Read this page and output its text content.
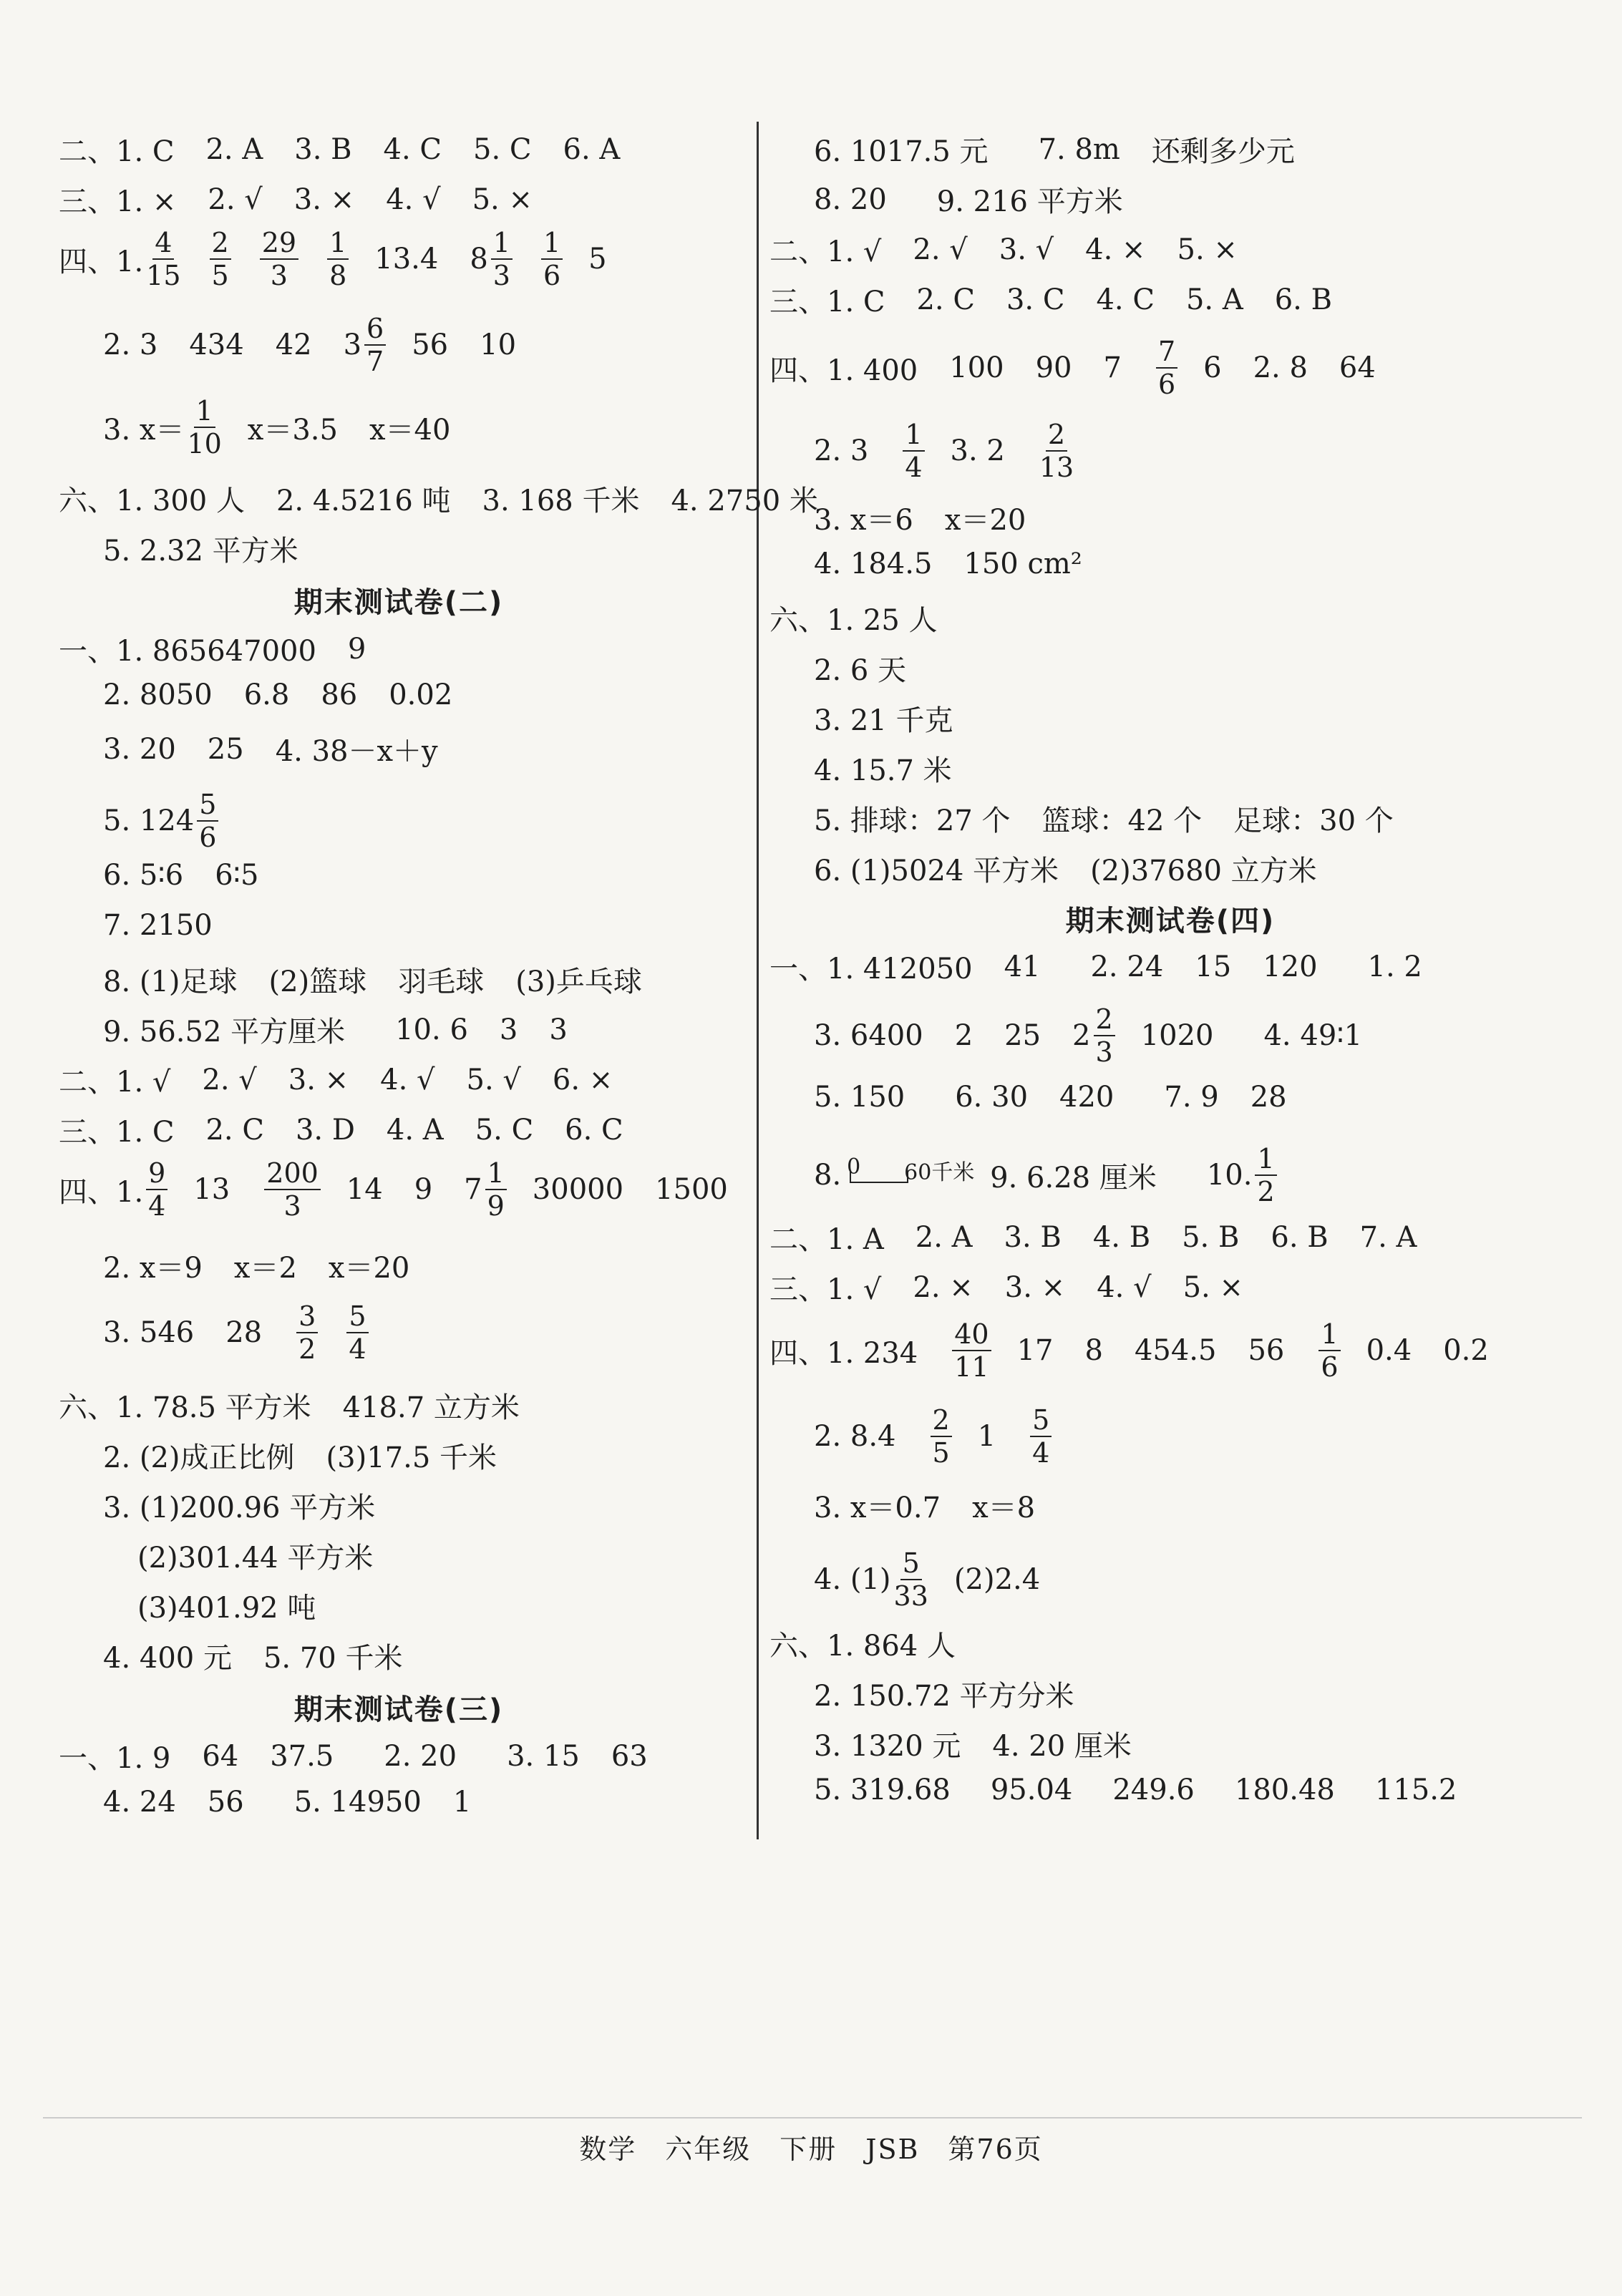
二、1. C 2. A 3. B 4. C 5. C 6. A
三、1. × 2. √ 3. × 4. √ 5. ×
四、1. $\frac{4}{15} \frac{2}{5} \frac{29}{3} \frac{1}{8} 13.4$ $8 \frac{1}{3} \frac{1}{6} 5$
2. 3 434 42 $3 \frac{6}{7} 56$ 10
3. $x= \frac{1}{10} x=3.5$ x＝40
六、1. 300 人 2. 4.5216 吨 3. 168 千米 4. 2750 米
5. 2.32 平方米
期末测试卷(二)
一、1. 865647000 9
2. 8050 6.8 86 0.02
3. 20 25 4. 38－x＋y
5. $124 \frac{5}{6}$
6. 5∶6 6∶5
7. 2150
8. (1)足球 (2)篮球 羽毛球 (3)乒乓球
9. 56.52 平方厘米 10. 6 3 3
二、1. √ 2. √ 3. × 4. √ 5. √ 6. ×
三、1. C 2. C 3. D 4. A 5. C 6. C
四、1. $\frac{9}{4} 13 \frac{200}{3} 14$ 9 $7 \frac{1}{9} 30000$ 1500
2. x＝9 x＝2 x＝20
3. 546 $28 \frac{3}{2} \frac{5}{4}$
六、1. 78.5 平方米 418.7 立方米
2. (2)成正比例 (3)17.5 千米
3. (1)200.96 平方米
(2)301.44 平方米
(3)401.92 吨
4. 400 元 5. 70 千米
期末测试卷(三)
一、1. 9 64 37.5 2. 20 3. 15 63
4. 24 56 5. 14950 1
6. 1017.5 元 7. 8m 还剩多少元
8. 20 9. 216 平方米
二、1. √ 2. √ 3. √ 4. × 5. ×
三、1. C 2. C 3. C 4. C 5. A 6. B
四、1. 400 100 90 $7 \frac{7}{6} 6$ 2. 8 64
2. $3 \frac{1}{4} 3$. $2 \frac{2}{13}$
3. x＝6 x＝20
4. 184.5 150 cm²
六、1. 25 人
2. 6 天
3. 21 千克
4. 15.7 米
5. 排球：27 个 篮球：42 个 足球：30 个
6. (1)5024 平方米 (2)37680 立方米
期末测试卷(四)
一、1. 412050 41 2. 24 15 120 1. 2
3. 6400 2 25 $2 \frac{2}{3} 1020$ 4. 49∶1
5. 150 6. 30 420 7. 9 28
8. 0 60千米 9. 6.28 厘米 10. $\frac{1}{2}$
二、1. A 2. A 3. B 4. B 5. B 6. B 7. A
三、1. √ 2. × 3. × 4. √ 5. ×
四、1. $234 \frac{40}{11} 17$ 8 454.5 $56 \frac{1}{6} 0.4$ 0.2
2. $8.4 \frac{2}{5} 1 \frac{5}{4}$
3. x＝0.7 x＝8
4. $(1) \frac{5}{33} (2)2.4$
六、1. 864 人
2. 150.72 平方分米
3. 1320 元 4. 20 厘米
5. 319.68 95.04 249.6 180.48 115.2
数学　六年级　下册　JSB　第76页
